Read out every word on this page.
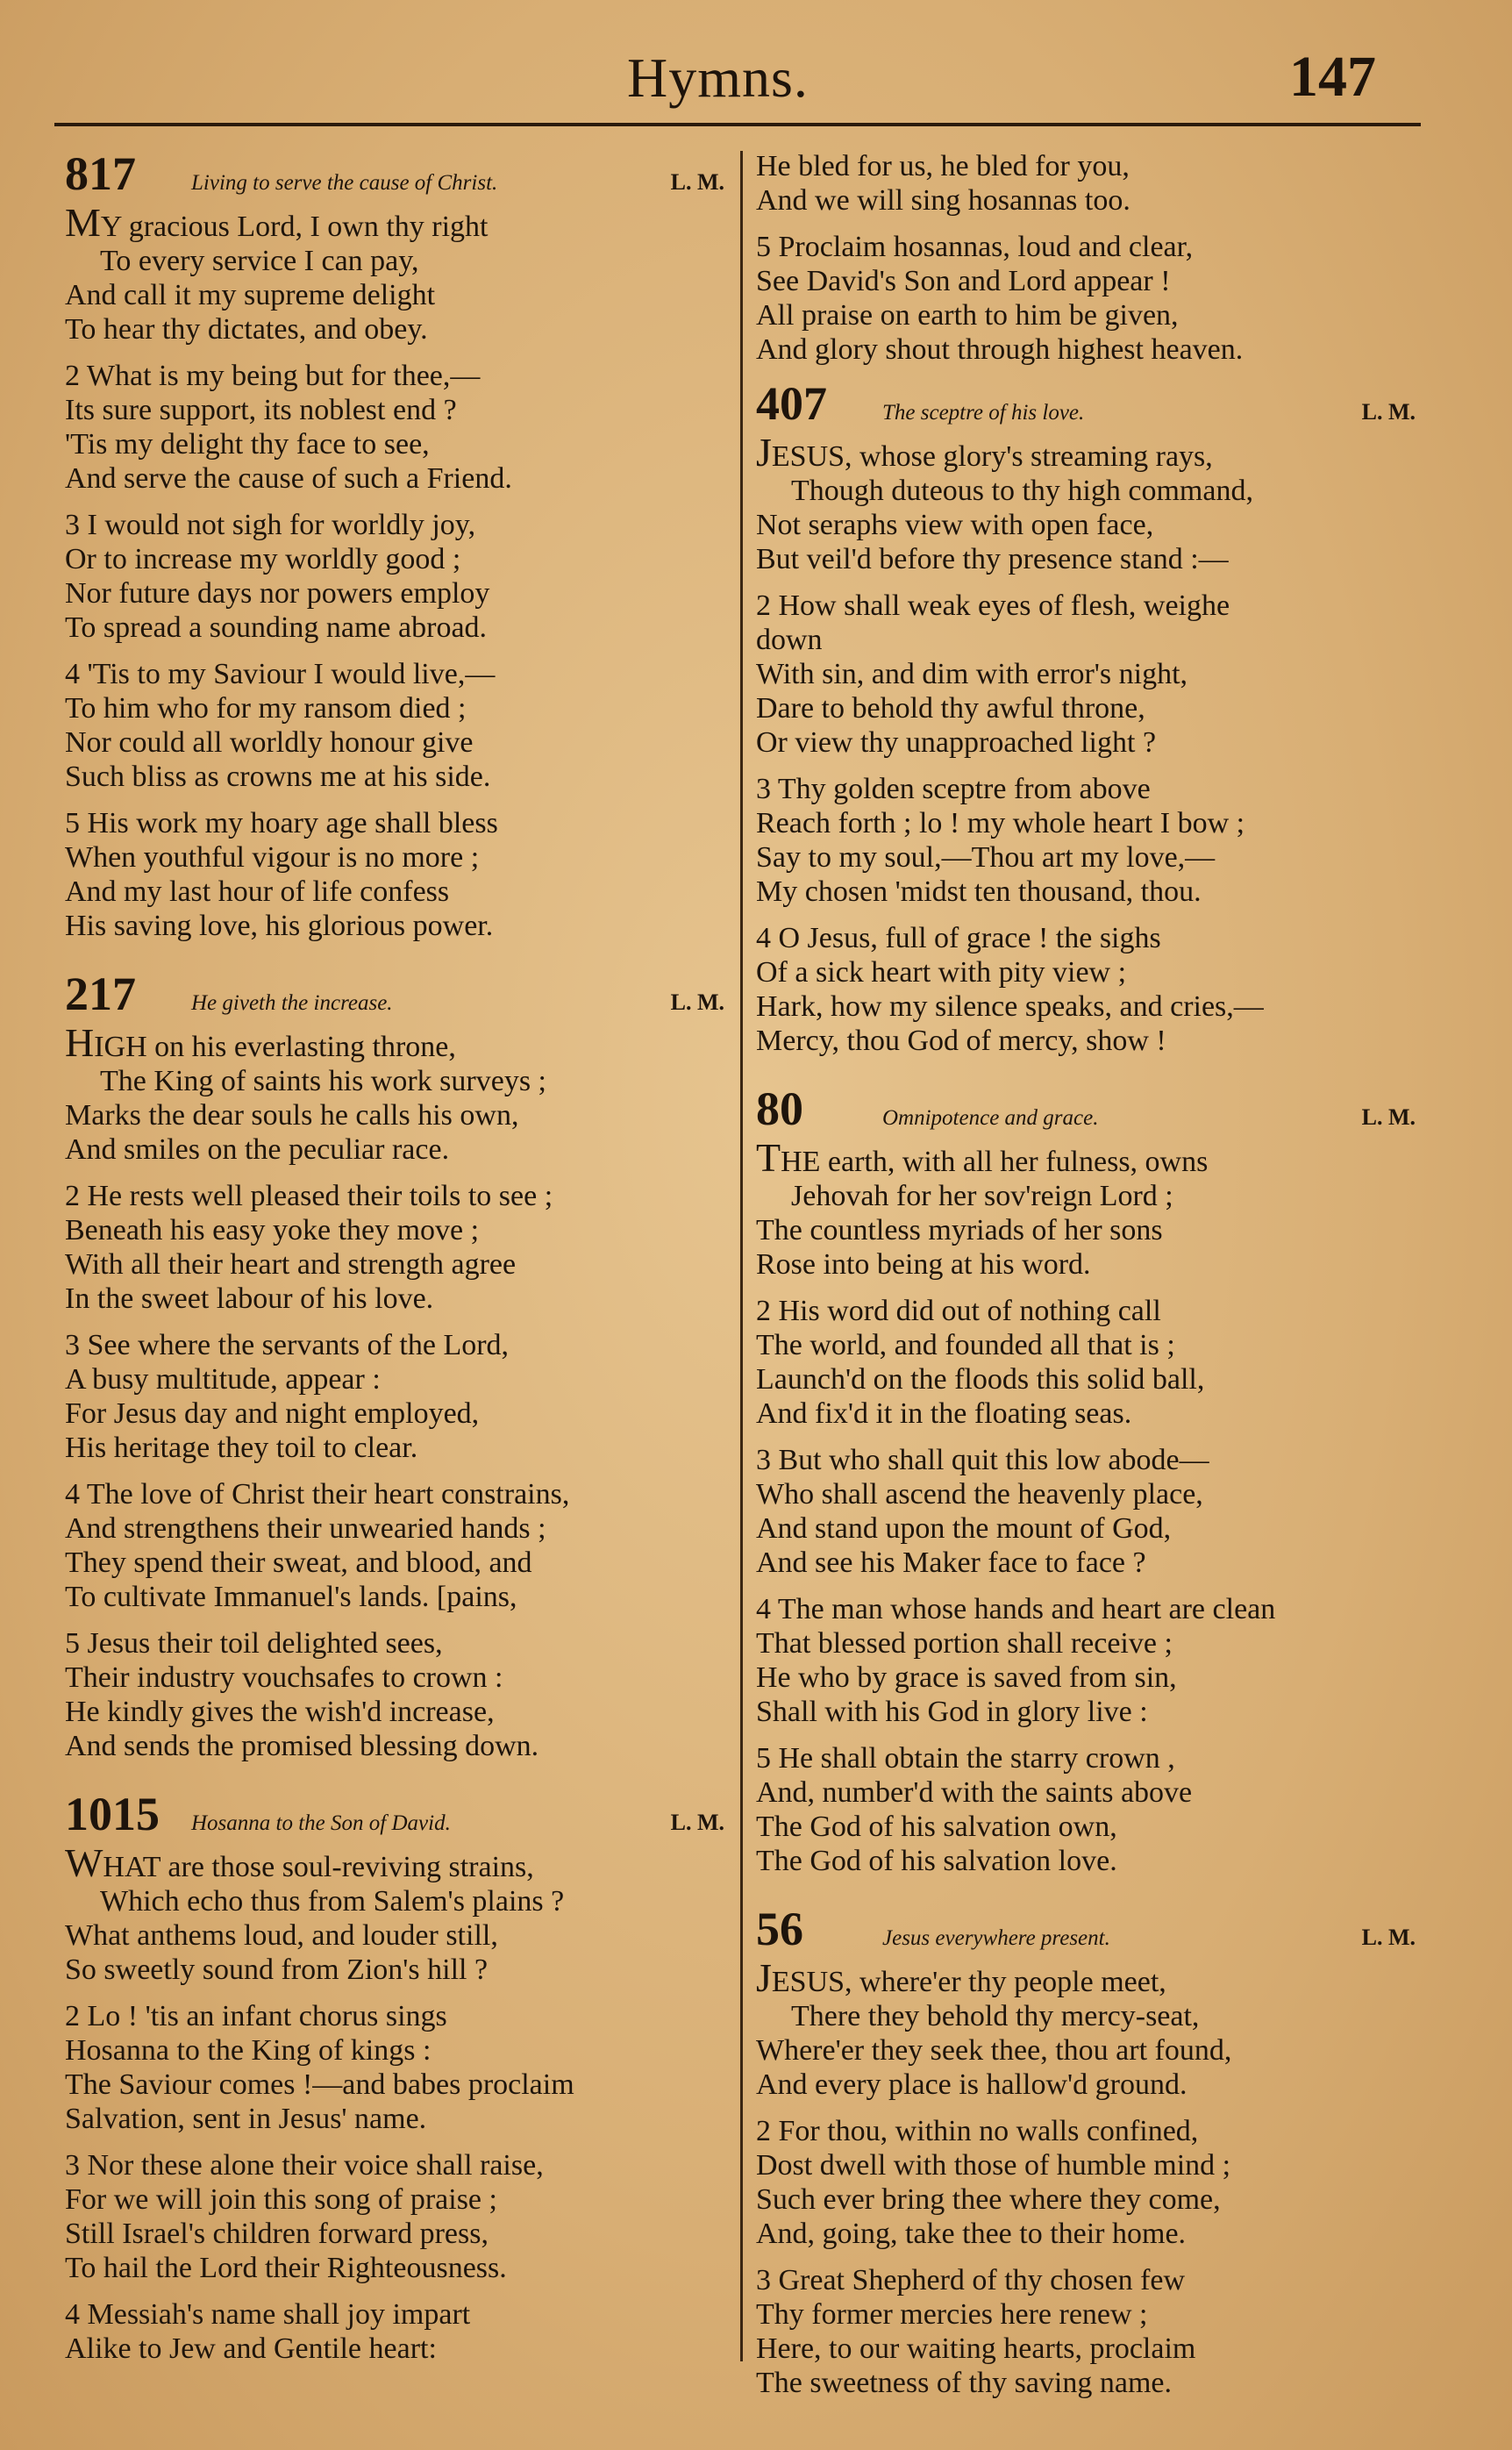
Hymns.	147
817	Living to serve the cause of Christ.	L. M.
MY gracious Lord, I own thy right
To every service I can pay,
And call it my supreme delight
To hear thy dictates, and obey.
2 What is my being but for thee,—
Its sure support, its noblest end ?
'Tis my delight thy face to see,
And serve the cause of such a Friend.
3 I would not sigh for worldly joy,
Or to increase my worldly good ;
Nor future days nor powers employ
To spread a sounding name abroad.
4 'Tis to my Saviour I would live,—
To him who for my ransom died ;
Nor could all worldly honour give
Such bliss as crowns me at his side.
5 His work my hoary age shall bless
When youthful vigour is no more ;
And my last hour of life confess
His saving love, his glorious power.
217	He giveth the increase.	L. M.
HIGH on his everlasting throne,
The King of saints his work surveys ;
Marks the dear souls he calls his own,
And smiles on the peculiar race.
2 He rests well pleased their toils to see ;
Beneath his easy yoke they move ;
With all their heart and strength agree
In the sweet labour of his love.
3 See where the servants of the Lord,
A busy multitude, appear :
For Jesus day and night employed,
His heritage they toil to clear.
4 The love of Christ their heart constrains,
And strengthens their unwearied hands ;
They spend their sweat, and blood, and
To cultivate Immanuel's lands. [pains,
5 Jesus their toil delighted sees,
Their industry vouchsafes to crown :
He kindly gives the wish'd increase,
And sends the promised blessing down.
1015	Hosanna to the Son of David.	L. M.
WHAT are those soul-reviving strains,
Which echo thus from Salem's plains ?
What anthems loud, and louder still,
So sweetly sound from Zion's hill ?
2 Lo ! 'tis an infant chorus sings
Hosanna to the King of kings :
The Saviour comes !—and babes proclaim
Salvation, sent in Jesus' name.
3 Nor these alone their voice shall raise,
For we will join this song of praise ;
Still Israel's children forward press,
To hail the Lord their Righteousness.
4 Messiah's name shall joy impart
Alike to Jew and Gentile heart:
He bled for us, he bled for you,
And we will sing hosannas too.
5 Proclaim hosannas, loud and clear,
See David's Son and Lord appear !
All praise on earth to him be given,
And glory shout through highest heaven.
407	The sceptre of his love.	L. M.
JESUS, whose glory's streaming rays,
Though duteous to thy high command,
Not seraphs view with open face,
But veil'd before thy presence stand :—
2 How shall weak eyes of flesh, weighe
down
With sin, and dim with error's night,
Dare to behold thy awful throne,
Or view thy unapproached light ?
3 Thy golden sceptre from above
Reach forth ; lo ! my whole heart I bow ;
Say to my soul,—Thou art my love,—
My chosen 'midst ten thousand, thou.
4 O Jesus, full of grace ! the sighs
Of a sick heart with pity view ;
Hark, how my silence speaks, and cries,—
Mercy, thou God of mercy, show !
80	Omnipotence and grace.	L. M.
THE earth, with all her fulness, owns
Jehovah for her sov'reign Lord ;
The countless myriads of her sons
Rose into being at his word.
2 His word did out of nothing call
The world, and founded all that is ;
Launch'd on the floods this solid ball,
And fix'd it in the floating seas.
3 But who shall quit this low abode—
Who shall ascend the heavenly place,
And stand upon the mount of God,
And see his Maker face to face ?
4 The man whose hands and heart are clean
That blessed portion shall receive ;
He who by grace is saved from sin,
Shall with his God in glory live :
5 He shall obtain the starry crown ,
And, number'd with the saints above
The God of his salvation own,
The God of his salvation love.
56	Jesus everywhere present.	L. M.
JESUS, where'er thy people meet,
There they behold thy mercy-seat,
Where'er they seek thee, thou art found,
And every place is hallow'd ground.
2 For thou, within no walls confined,
Dost dwell with those of humble mind ;
Such ever bring thee where they come,
And, going, take thee to their home.
3 Great Shepherd of thy chosen few
Thy former mercies here renew ;
Here, to our waiting hearts, proclaim
The sweetness of thy saving name.
